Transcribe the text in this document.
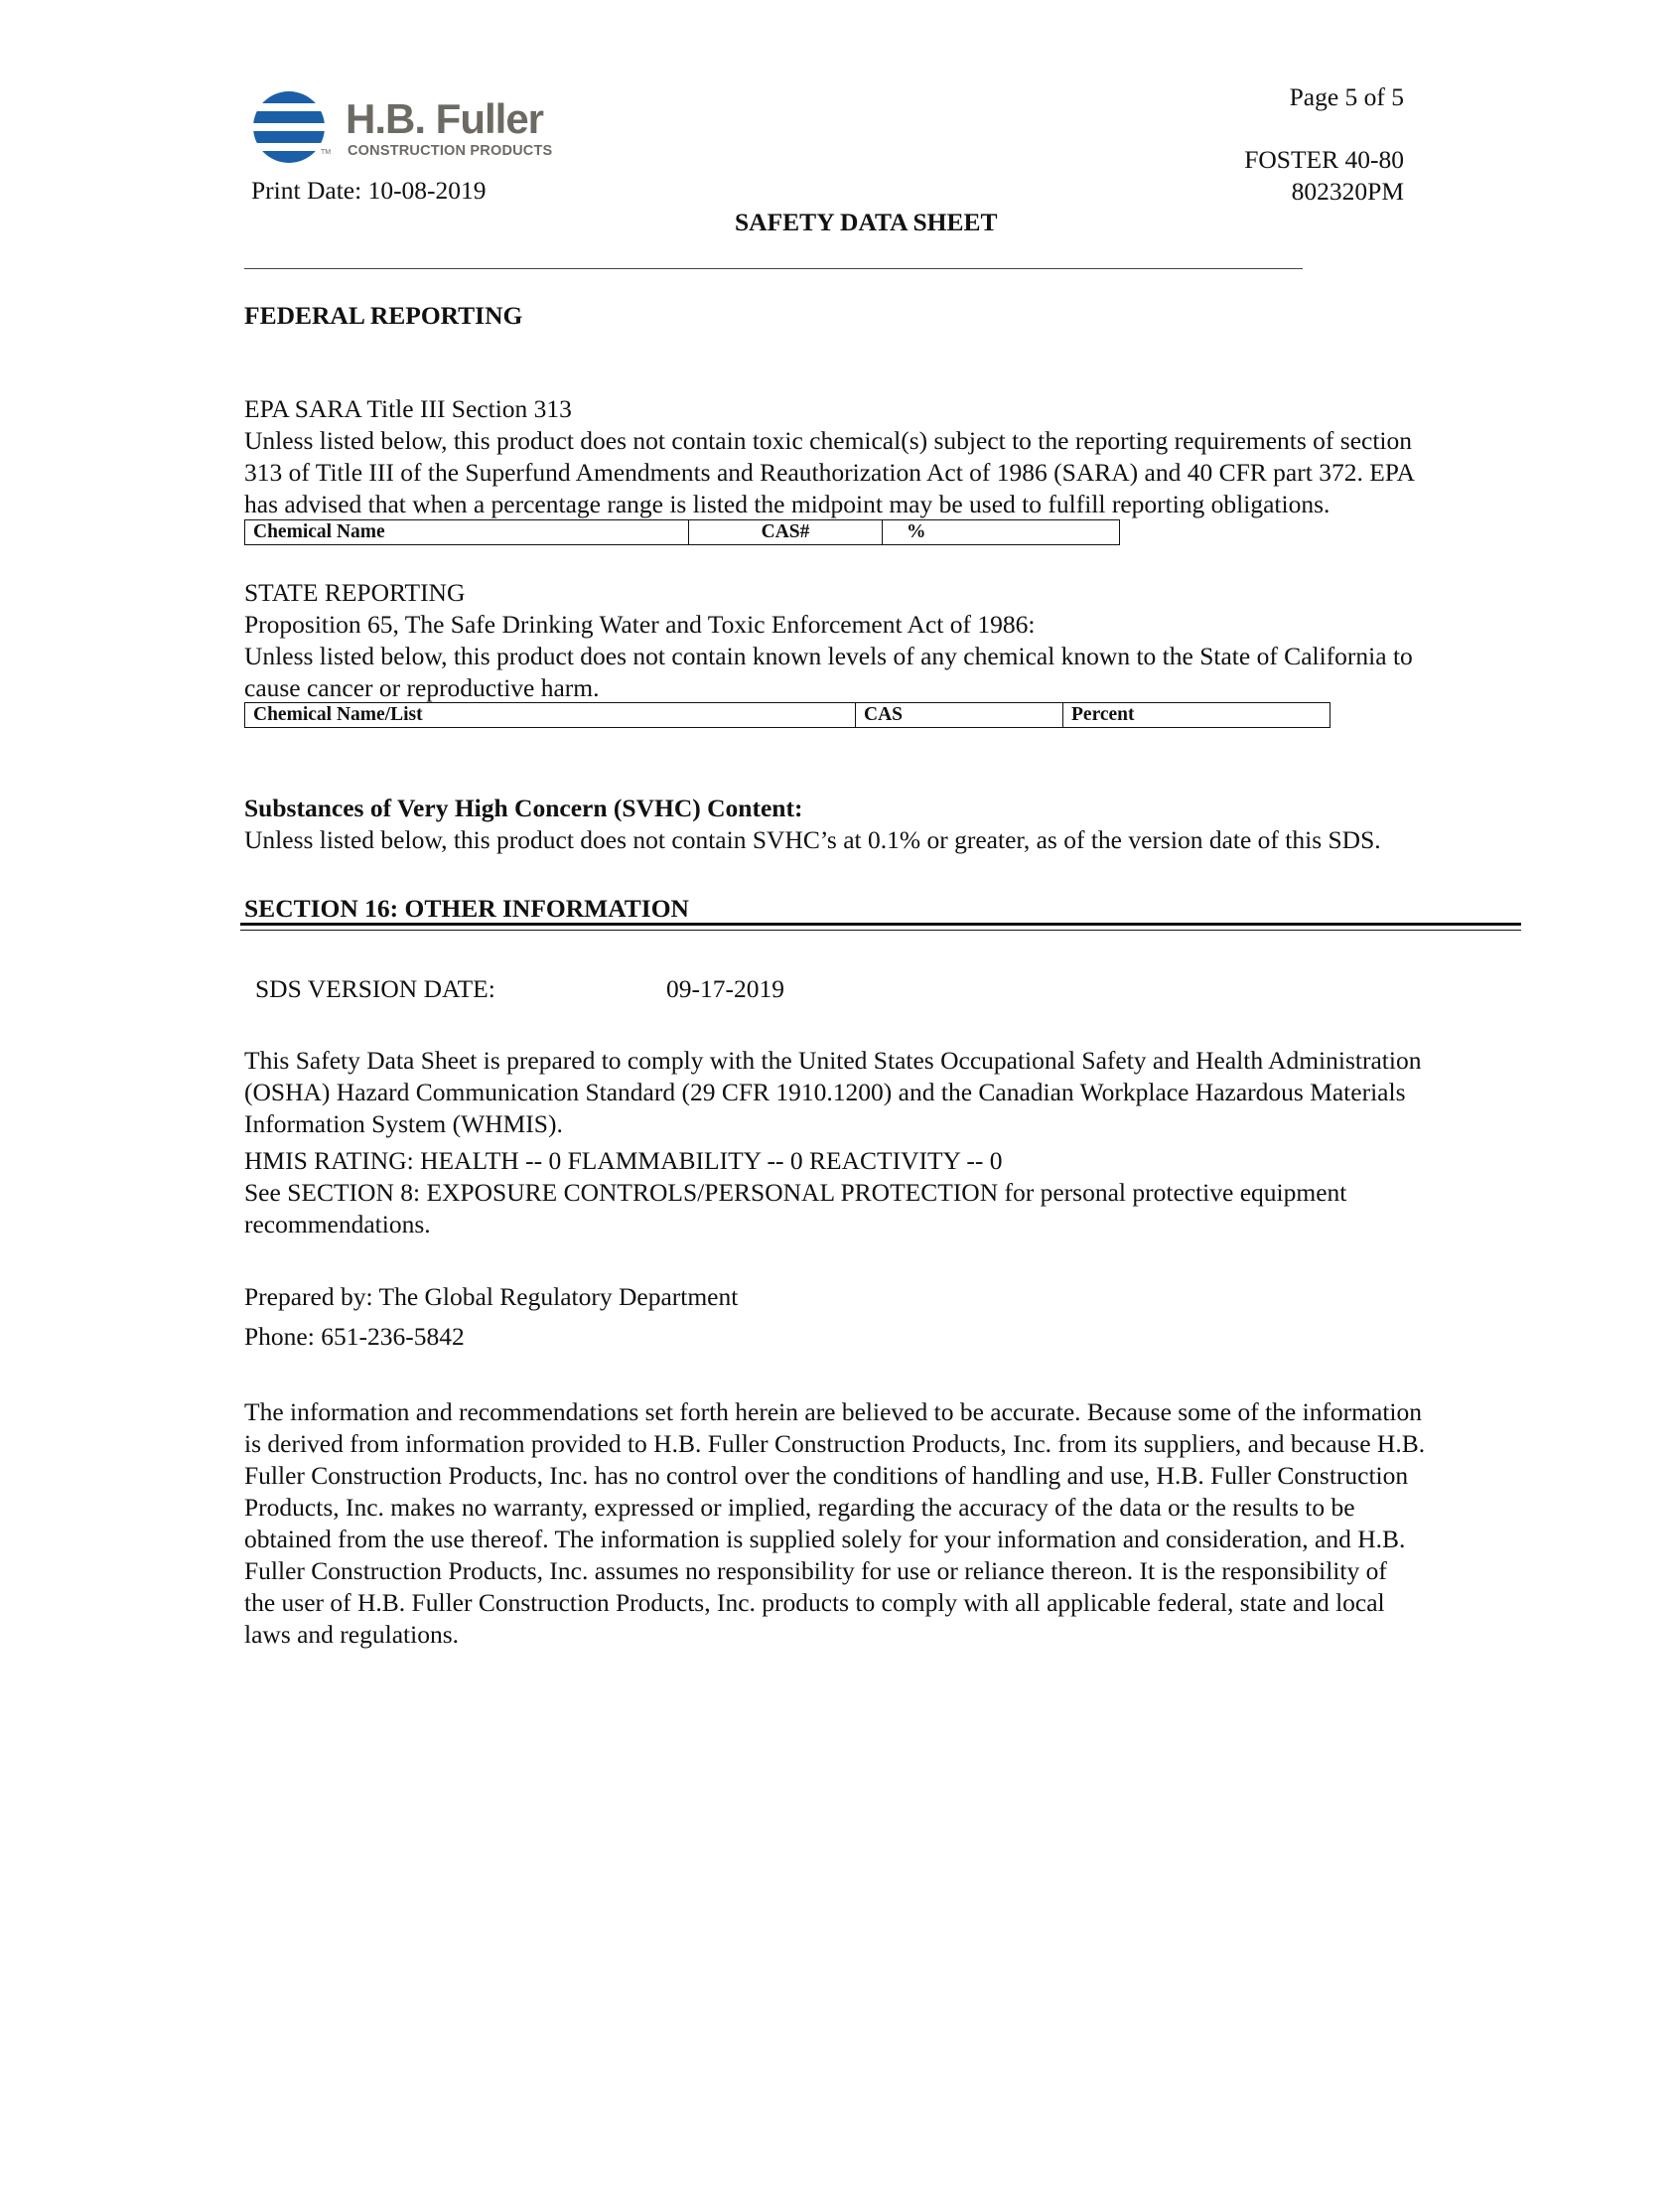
TM
H.B. Fuller
CONSTRUCTION PRODUCTS
Page 5 of 5
FOSTER 40-80
802320PM
Print Date: 10-08-2019
SAFETY DATA SHEET
FEDERAL REPORTING
EPA SARA Title III Section 313
Unless listed below, this product does not contain toxic chemical(s) subject to the reporting requirements of section
313 of Title III of the Superfund Amendments and Reauthorization Act of 1986 (SARA) and 40 CFR part 372. EPA
has advised that when a percentage range is listed the midpoint may be used to fulfill reporting obligations.
Chemical Name	CAS#	%
STATE REPORTING
Proposition 65, The Safe Drinking Water and Toxic Enforcement Act of 1986:
Unless listed below, this product does not contain known levels of any chemical known to the State of California to
cause cancer or reproductive harm.
Chemical Name/List	CAS	Percent
Substances of Very High Concern (SVHC) Content:
Unless listed below, this product does not contain SVHC’s at 0.1% or greater, as of the version date of this SDS.
SECTION 16: OTHER INFORMATION
SDS VERSION DATE:	09-17-2019
This Safety Data Sheet is prepared to comply with the United States Occupational Safety and Health Administration
(OSHA) Hazard Communication Standard (29 CFR 1910.1200) and the Canadian Workplace Hazardous Materials
Information System (WHMIS).
HMIS RATING: HEALTH -- 0 FLAMMABILITY -- 0 REACTIVITY -- 0
See SECTION 8: EXPOSURE CONTROLS/PERSONAL PROTECTION for personal protective equipment
recommendations.
Prepared by: The Global Regulatory Department
Phone: 651-236-5842
The information and recommendations set forth herein are believed to be accurate. Because some of the information
is derived from information provided to H.B. Fuller Construction Products, Inc. from its suppliers, and because H.B.
Fuller Construction Products, Inc. has no control over the conditions of handling and use, H.B. Fuller Construction
Products, Inc. makes no warranty, expressed or implied, regarding the accuracy of the data or the results to be
obtained from the use thereof. The information is supplied solely for your information and consideration, and H.B.
Fuller Construction Products, Inc. assumes no responsibility for use or reliance thereon. It is the responsibility of
the user of H.B. Fuller Construction Products, Inc. products to comply with all applicable federal, state and local
laws and regulations.
